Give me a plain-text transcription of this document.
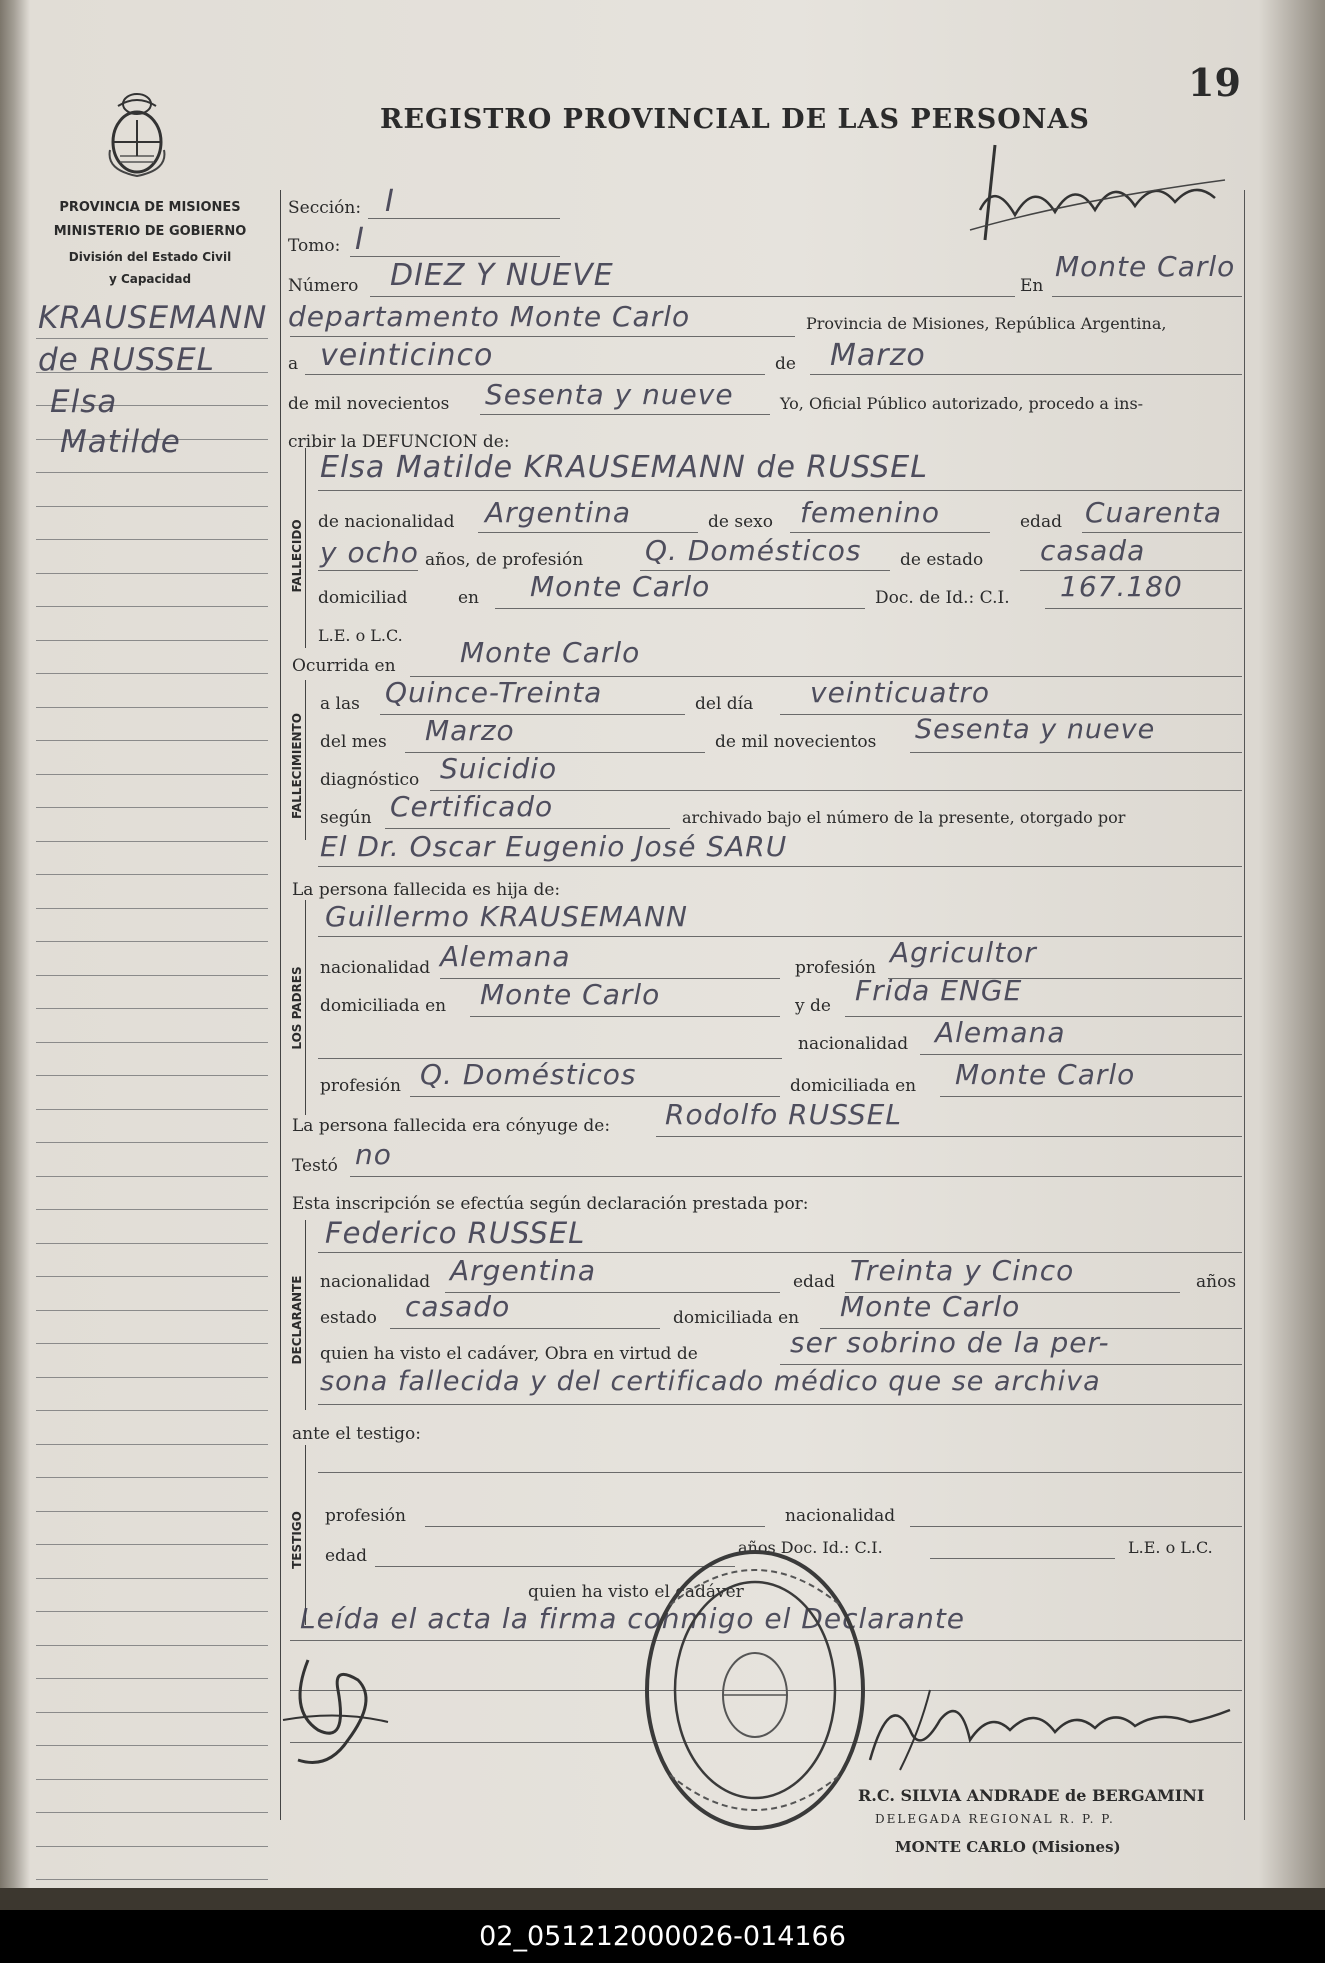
19
REGISTRO PROVINCIAL DE LAS PERSONAS
PROVINCIA DE MISIONES
MINISTERIO DE GOBIERNO
División del Estado Civil
y Capacidad
KRAUSEMANN
de RUSSEL
Elsa
Matilde
FALLECIDO
FALLECIMIENTO
LOS PADRES
DECLARANTE
TESTIGO
Sección: I
Tomo: I
Número DIEZ Y NUEVE	En
Monte Carlo
departamento Monte Carlo	Provincia de Misiones, República Argentina,
a veinticinco	de Marzo
de mil novecientos Sesenta y nueve	Yo, Oficial Público autorizado, procedo a ins-
cribir la DEFUNCION de:
Elsa Matilde KRAUSEMANN de RUSSEL
de nacionalidad Argentina	de sexo femenino	edad Cuarenta
y ocho años, de profesión Q. Domésticos de estado casada
domiciliad	en Monte Carlo	Doc. de Id.: C.I. 167.180
L.E. o L.C.
Ocurrida en Monte Carlo
a las Quince-Treinta	del día veinticuatro
del mes Marzo	de mil novecientos Sesenta y nueve
diagnóstico Suicidio
según Certificado	archivado bajo el número de la presente, otorgado por
El Dr. Oscar Eugenio José SARU
La persona fallecida es hija de:
Guillermo KRAUSEMANN
nacionalidad Alemana	profesión Agricultor
domiciliada en Monte Carlo	y de Frida ENGE
nacionalidad Alemana
profesión Q. Domésticos	domiciliada en Monte Carlo
La persona fallecida era cónyuge de: Rodolfo RUSSEL
Testó no
Esta inscripción se efectúa según declaración prestada por:
Federico RUSSEL
nacionalidad Argentina	edad Treinta y Cinco	años
estado casado	domiciliada en Monte Carlo
quien ha visto el cadáver, Obra en virtud de	ser sobrino de la per-
sona fallecida y del certificado médico que se archiva
ante el testigo:
profesión	nacionalidad
edad	años Doc. Id.: C.I.	L.E. o L.C.
quien ha visto el cadáver
Leída el acta la firma conmigo el Declarante
R.C. SILVIA ANDRADE de BERGAMINI
DELEGADA REGIONAL R. P. P.
MONTE CARLO (Misiones)
02_051212000026-014166
